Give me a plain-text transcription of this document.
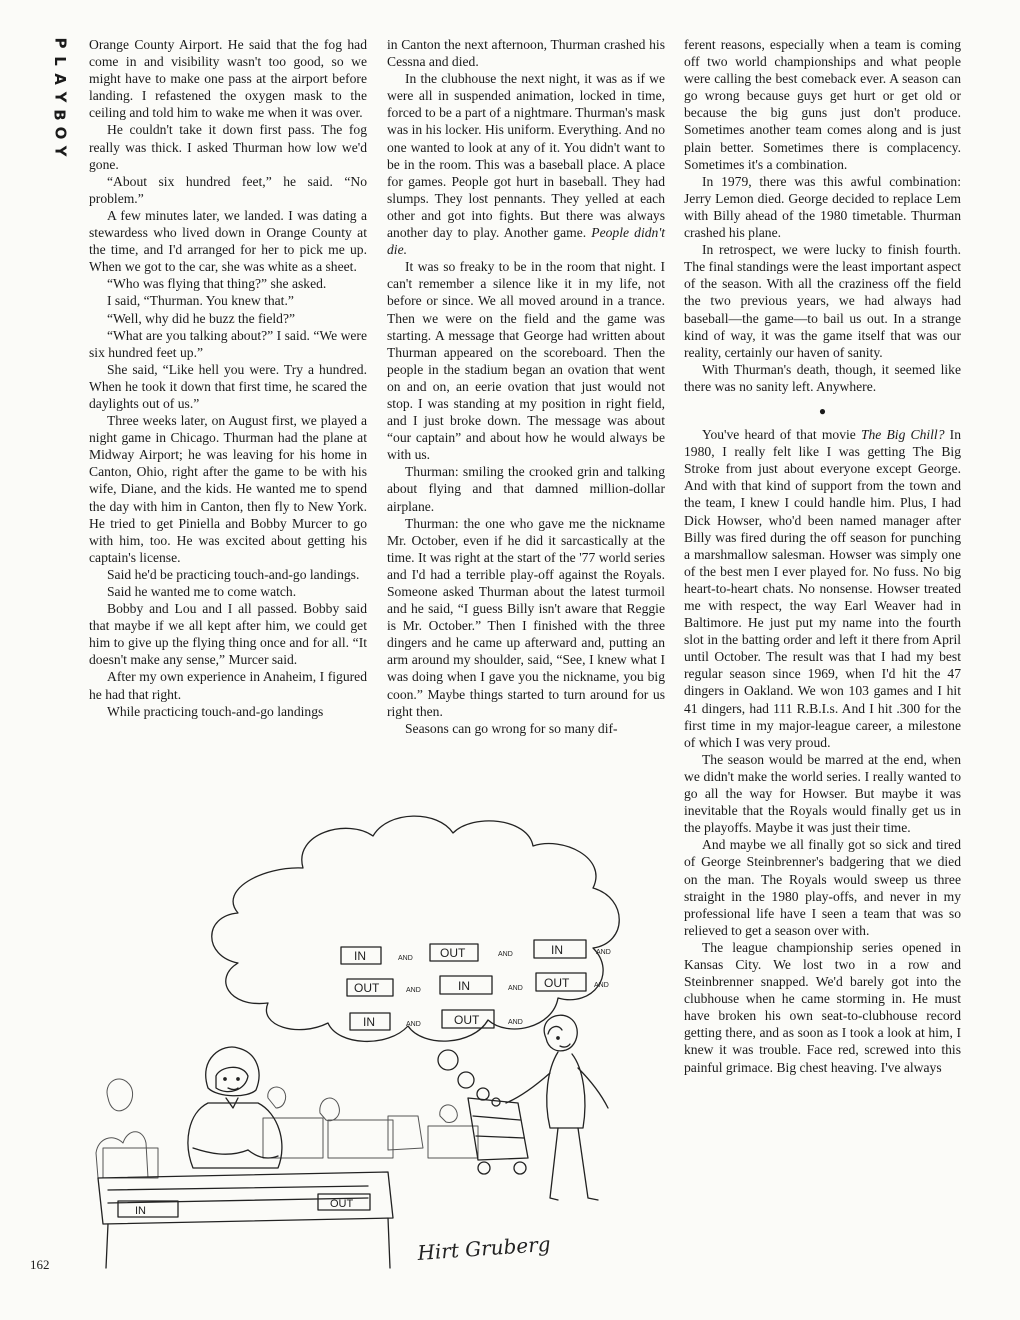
P
L
A
Y
B
O
Y

Orange County Airport. He said that the fog had come in and visibility wasn't too good, so we might have to make one pass at the airport before landing. I refastened the oxygen mask to the ceiling and told him to wake me when it was over.

He couldn't take it down first pass. The fog really was thick. I asked Thurman how low we'd gone.

“About six hundred feet,” he said. “No problem.”

A few minutes later, we landed. I was dating a stewardess who lived down in Orange County at the time, and I'd arranged for her to pick me up. When we got to the car, she was white as a sheet.

“Who was flying that thing?” she asked.

I said, “Thurman. You knew that.”

“Well, why did he buzz the field?”

“What are you talking about?” I said. “We were six hundred feet up.”

She said, “Like hell you were. Try a hundred. When he took it down that first time, he scared the daylights out of us.”

Three weeks later, on August first, we played a night game in Chicago. Thurman had the plane at Midway Airport; he was leaving for his home in Canton, Ohio, right after the game to be with his wife, Diane, and the kids. He wanted me to spend the day with him in Canton, then fly to New York. He tried to get Piniella and Bobby Murcer to go with him, too. He was excited about getting his captain's license.

Said he'd be practicing touch-and-go landings.

Said he wanted me to come watch.

Bobby and Lou and I all passed. Bobby said that maybe if we all kept after him, we could get him to give up the flying thing once and for all. “It doesn't make any sense,” Murcer said.

After my own experience in Anaheim, I figured he had that right.

While practicing touch-and-go landings

in Canton the next afternoon, Thurman crashed his Cessna and died.

In the clubhouse the next night, it was as if we were all in suspended animation, locked in time, forced to be a part of a nightmare. Thurman's mask was in his locker. His uniform. Everything. And no one wanted to look at any of it. You didn't want to be in the room. This was a baseball place. A place for games. People got hurt in baseball. They had slumps. They lost pennants. They yelled at each other and got into fights. But there was always another day to play. Another game. People didn't die.

It was so freaky to be in the room that night. I can't remember a silence like it in my life, not before or since. We all moved around in a trance. Then we were on the field and the game was starting. A message that George had written about Thurman appeared on the scoreboard. Then the people in the stadium began an ovation that went on and on, an eerie ovation that just would not stop. I was standing at my position in right field, and I just broke down. The message was about “our captain” and about how he would always be with us.

Thurman: smiling the crooked grin and talking about flying and that damned million-dollar airplane.

Thurman: the one who gave me the nickname Mr. October, even if he did it sarcastically at the time. It was right at the start of the '77 world series and I'd had a terrible play-off against the Royals. Someone asked Thurman about the latest turmoil and he said, “I guess Billy isn't aware that Reggie is Mr. October.” Then I finished with the three dingers and he came up afterward and, putting an arm around my shoulder, said, “See, I knew what I was doing when I gave you the nickname, you big coon.” Maybe things started to turn around for us right then.

Seasons can go wrong for so many dif-

ferent reasons, especially when a team is coming off two world championships and what people were calling the best comeback ever. A season can go wrong because guys get hurt or get old or because the big guns just don't produce. Sometimes another team comes along and is just plain better. Sometimes there is complacency. Sometimes it's a combination.

In 1979, there was this awful combination: Jerry Lemon died. George decided to replace Lem with Billy ahead of the 1980 timetable. Thurman crashed his plane.

In retrospect, we were lucky to finish fourth. The final standings were the least important aspect of the season. With all the craziness off the field the two previous years, we had always had baseball—the game—to bail us out. In a strange kind of way, it was the game itself that was our reality, certainly our haven of sanity.

With Thurman's death, though, it seemed like there was no sanity left. Anywhere.

●

You've heard of that movie The Big Chill? In 1980, I really felt like I was getting The Big Stroke from just about everyone except George. And with that kind of support from the town and the team, I knew I could handle him. Plus, I had Dick Howser, who'd been named manager after Billy was fired during the off season for punching a marshmallow salesman. Howser was simply one of the best men I ever played for. No fuss. No big heart-to-heart chats. No nonsense. Howser treated me with respect, the way Earl Weaver had in Baltimore. He just put my name into the fourth slot in the batting order and left it there from April until October. The result was that I had my best regular season since 1969, when I'd hit the 47 dingers in Oakland. We won 103 games and I hit 41 dingers, had 111 R.B.I.s. And I hit .300 for the first time in my major-league career, a milestone of which I was very proud.

The season would be marred at the end, when we didn't make the world series. I really wanted to go all the way for Howser. But maybe it was inevitable that the Royals would finally get us in the playoffs. Maybe it was just their time.

And maybe we all finally got so sick and tired of George Steinbrenner's badgering that we died on the man. The Royals would sweep us three straight in the 1980 play-offs, and never in my professional life have I seen a team that was so relieved to get a season over with.

The league championship series opened in Kansas City. We lost two in a row and Steinbrenner snapped. We'd barely got into the clubhouse when he came storming in. He must have broken his own seat-to-clubhouse record getting there, and as soon as I took a look at him, I knew it was trouble. Face red, screwed into this painful grimace. Big chest heaving. I've always

IN	AND OUT	AND	IN	AND
OUT	AND	IN	AND OUT	AND
IN	AND	OUT	AND
IN
OUT
Hirt Gruberg
162
